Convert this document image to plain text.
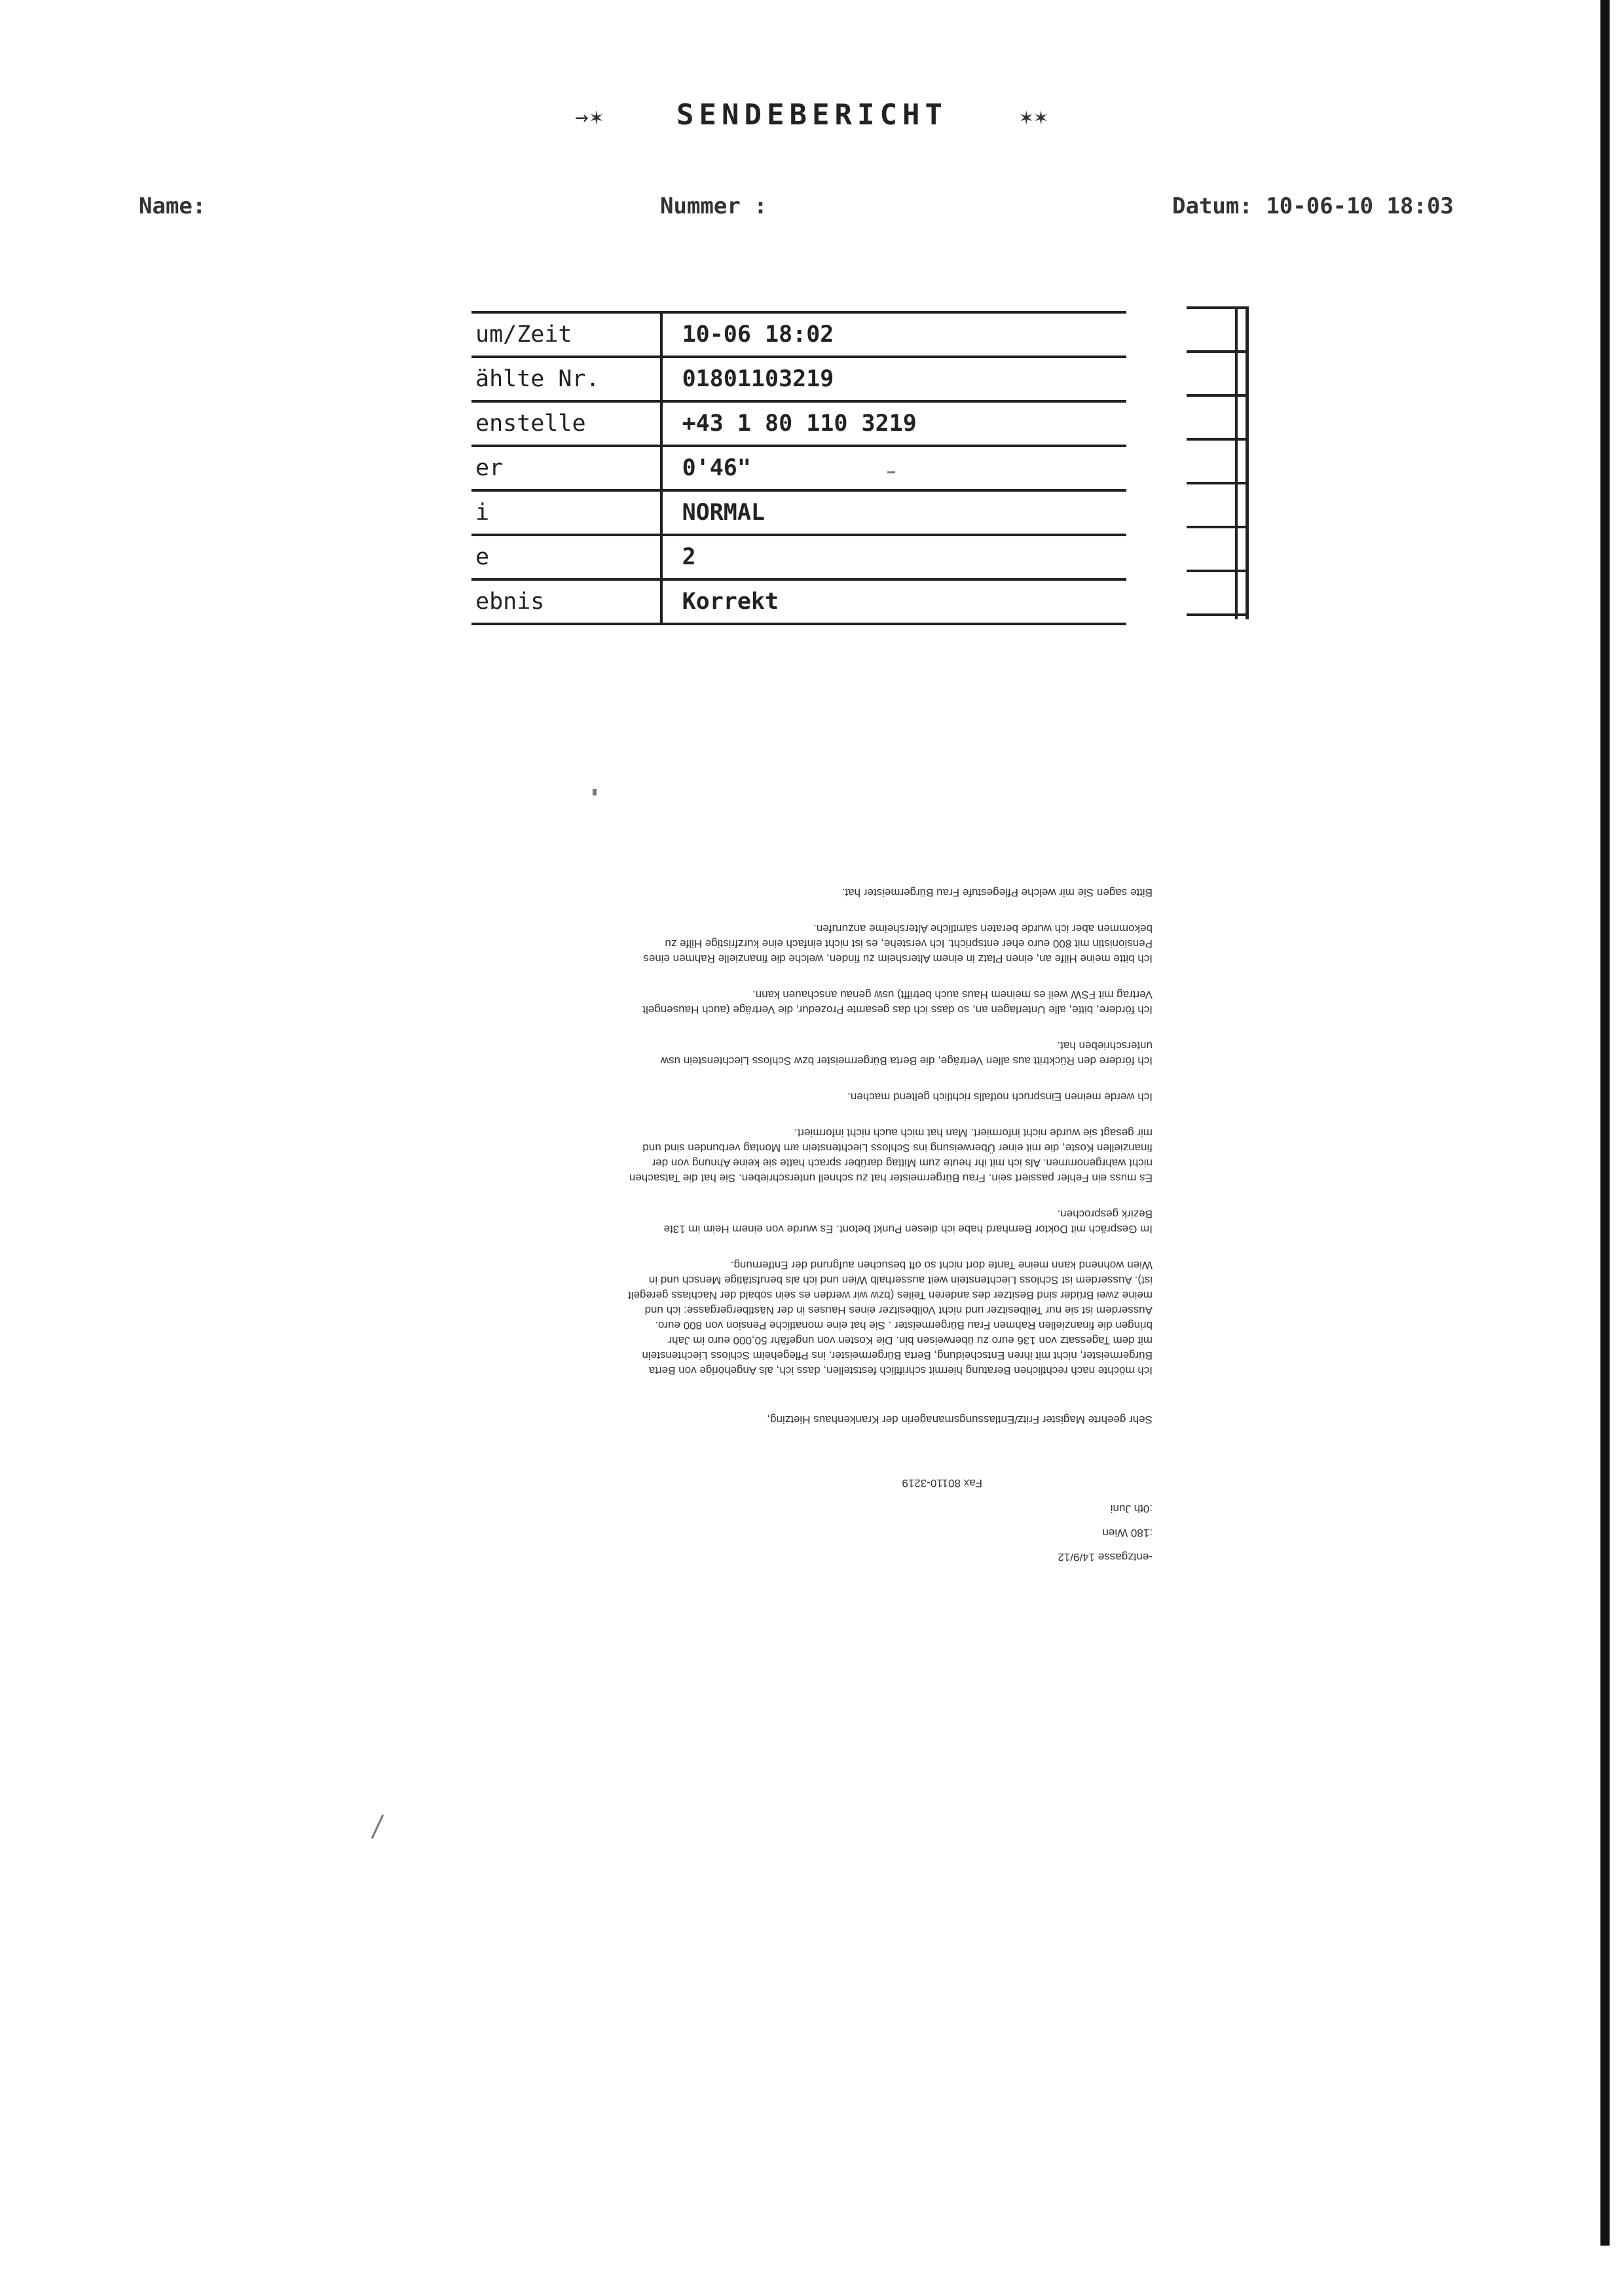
→✶	SENDEBERICHT	✶✶
Name:	Nummer :	Datum: 10-06-10 18:03
um/Zeit	10-06 18:02
ählte Nr.	01801103219
enstelle	+43 1 80 110 3219
er	0'46"
i	NORMAL
e	2
ebnis	Korrekt

-entzgasse 14/9/12

:180 Wien

:0th Juni

Fax 80110-3219

Sehr geehrte Magister Fritz/Entlassungsmanagerin der Krankenhaus Hietzing,

Ich möchte nach rechtlichen Beratung hiermit schriftlich feststellen, dass ich, als Angehörige von Berta

Bürgermeister, nicht mit ihren Entscheidung, Berta Bürgermeister, ins Pflegeheim Schloss Liechtenstein

mit dem Tagessatz von 136 euro zu überweisen bin. Die Kosten von ungefähr 50,000 euro im Jahr

bringen die finanziellen Rahmen Frau Bürgermeister . Sie hat eine monatliche Pension von 800 euro.

Ausserdem ist sie nur Teilbesitzer und nicht Vollbesitzer eines Hauses in der Nästlbergergasse: ich und

meine zwei Brüder sind Besitzer des anderen Teiles (bzw wir werden es sein sobald der Nachlass geregelt

ist). Ausserdem ist Schloss Liechtenstein weit ausserhalb Wien und ich als berufstätige Mensch und in

Wien wohnend kann meine Tante dort nicht so oft besuchen aufgrund der Entfernung.

Im Gespräch mit Doktor Bernhard habe ich diesen Punkt betont. Es wurde von einem Heim im 13te

Bezirk gesprochen.

Es muss ein Fehler passiert sein. Frau Bürgermeister hat zu schnell unterschrieben. Sie hat die Tatsachen

nicht wahrgenommen. Als ich mit ihr heute zum Mittag darüber sprach hatte sie keine Ahnung von der

finanziellen Koste, die mit einer Überweisung ins Schloss Liechtenstein am Montag verbunden sind und

mir gesagt sie wurde nicht informiert. Man hat mich auch nicht informiert.

Ich werde meinen Einspruch notfalls richtlich geltend machen.

Ich fördere den Rücktritt aus allen Verträge, die Berta Bürgermeister bzw Schloss Liechtenstein usw

unterschrieben hat.

Ich fördere, bitte, alle Unterlagen an, so dass ich das gesamte Prozedur, die Verträge (auch Hausengelt

Vertrag mit FSW weil es meinem Haus auch betrifft) usw genau anschauen kann.

Ich bitte meine Hilfe an, einen Platz in einem Altersheim zu finden, welche die finanzielle Rahmen eines

Pensionistin mit 800 euro eher entspricht. Ich verstehe, es ist nicht einfach eine kurzfristige Hilfe zu

bekommen aber ich wurde beraten sämtliche Altersheime anzurufen.

Bitte sagen Sie mir welche Pflegestufe Frau Bürgermeister hat.
